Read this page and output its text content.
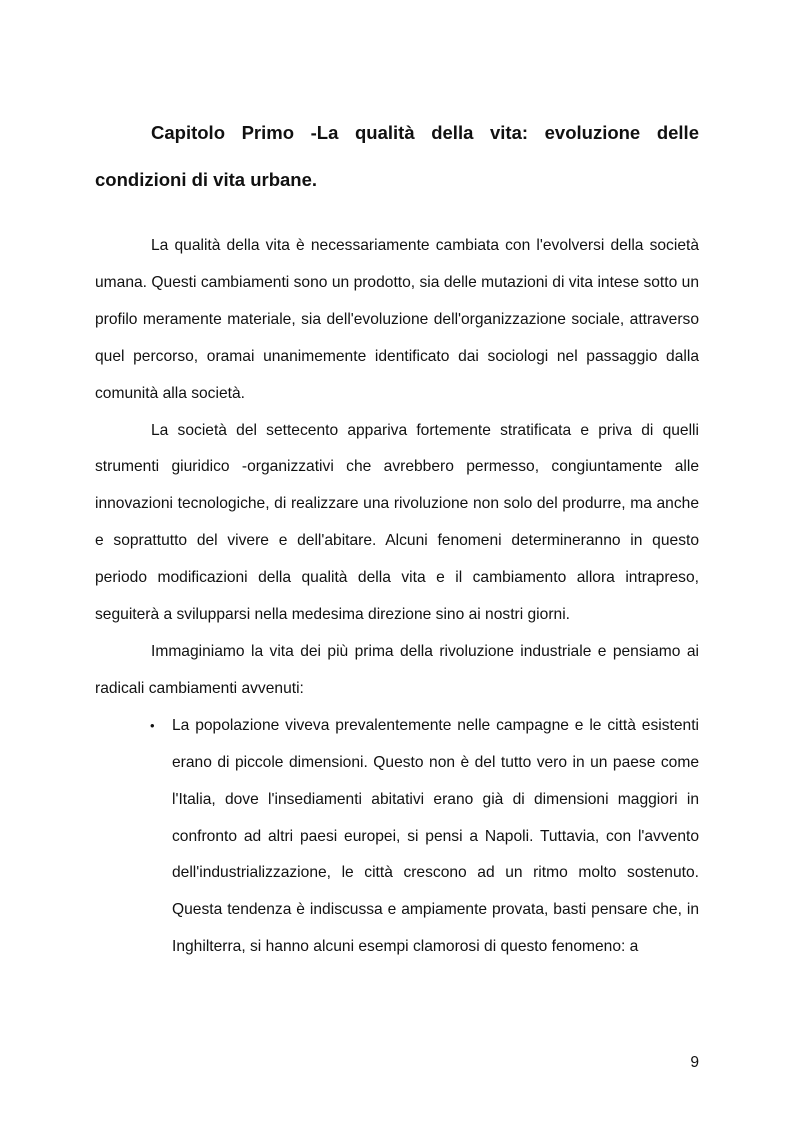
Capitolo Primo -La qualità della vita: evoluzione delle condizioni di vita urbane.

La qualità della vita è necessariamente cambiata con l'evolversi della società umana. Questi cambiamenti sono un prodotto, sia delle mutazioni di vita intese sotto un profilo meramente materiale, sia dell'evoluzione dell'organizzazione sociale, attraverso quel percorso, oramai unanimemente identificato dai sociologi nel passaggio dalla comunità alla società.

La società del settecento appariva fortemente stratificata e priva di quelli strumenti giuridico -organizzativi che avrebbero permesso, congiuntamente alle innovazioni tecnologiche, di realizzare una rivoluzione non solo del produrre, ma anche e soprattutto del vivere e dell'abitare. Alcuni fenomeni determineranno in questo periodo modificazioni della qualità della vita e il cambiamento allora intrapreso, seguiterà a svilupparsi nella medesima direzione sino ai nostri giorni.

Immaginiamo la vita dei più prima della rivoluzione industriale e pensiamo ai radicali cambiamenti avvenuti:

• La popolazione viveva prevalentemente nelle campagne e le città esistenti erano di piccole dimensioni. Questo non è del tutto vero in un paese come l'Italia, dove l'insediamenti abitativi erano già di dimensioni maggiori in confronto ad altri paesi europei, si pensi a Napoli. Tuttavia, con l'avvento dell'industrializzazione, le città crescono ad un ritmo molto sostenuto. Questa tendenza è indiscussa e ampiamente provata, basti pensare che, in Inghilterra, si hanno alcuni esempi clamorosi di questo fenomeno: a
9
